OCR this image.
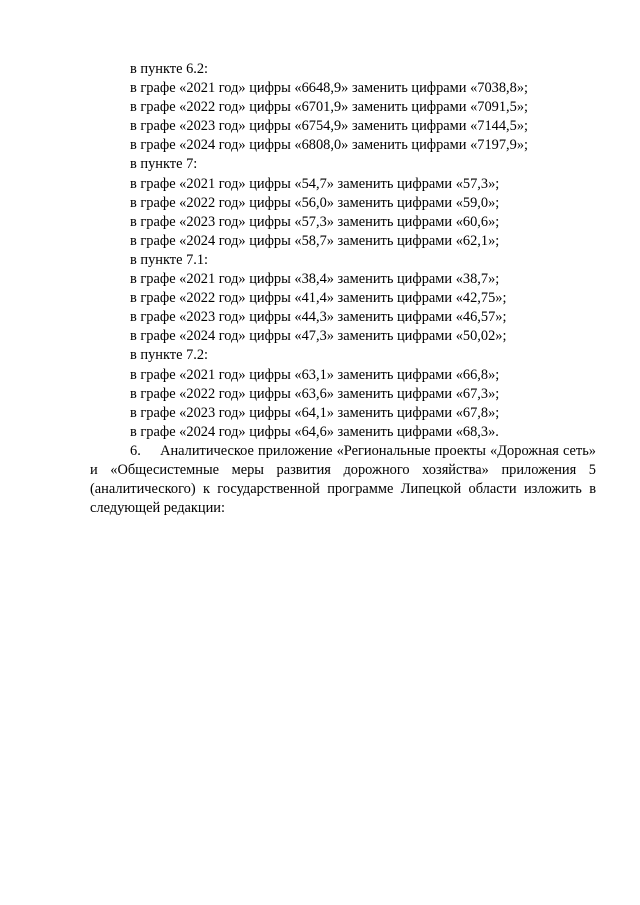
в пункте 6.2:
в графе «2021 год» цифры «6648,9» заменить цифрами «7038,8»;
в графе «2022 год» цифры «6701,9» заменить цифрами «7091,5»;
в графе «2023 год» цифры «6754,9» заменить цифрами «7144,5»;
в графе «2024 год» цифры «6808,0» заменить цифрами «7197,9»;
в пункте 7:
в графе «2021 год» цифры «54,7» заменить цифрами «57,3»;
в графе «2022 год» цифры «56,0» заменить цифрами «59,0»;
в графе «2023 год» цифры «57,3» заменить цифрами «60,6»;
в графе «2024 год» цифры «58,7» заменить цифрами «62,1»;
в пункте 7.1:
в графе «2021 год» цифры «38,4» заменить цифрами «38,7»;
в графе «2022 год» цифры «41,4» заменить цифрами «42,75»;
в графе «2023 год» цифры «44,3» заменить цифрами «46,57»;
в графе «2024 год» цифры «47,3» заменить цифрами «50,02»;
в пункте 7.2:
в графе «2021 год» цифры «63,1» заменить цифрами «66,8»;
в графе «2022 год» цифры «63,6» заменить цифрами «67,3»;
в графе «2023 год» цифры «64,1» заменить цифрами «67,8»;
в графе «2024 год» цифры «64,6» заменить цифрами «68,3».

6. Аналитическое приложение «Региональные проекты «Дорожная сеть» и «Общесистемные меры развития дорожного хозяйства» приложения 5 (аналитического) к государственной программе Липецкой области изложить в следующей редакции:
